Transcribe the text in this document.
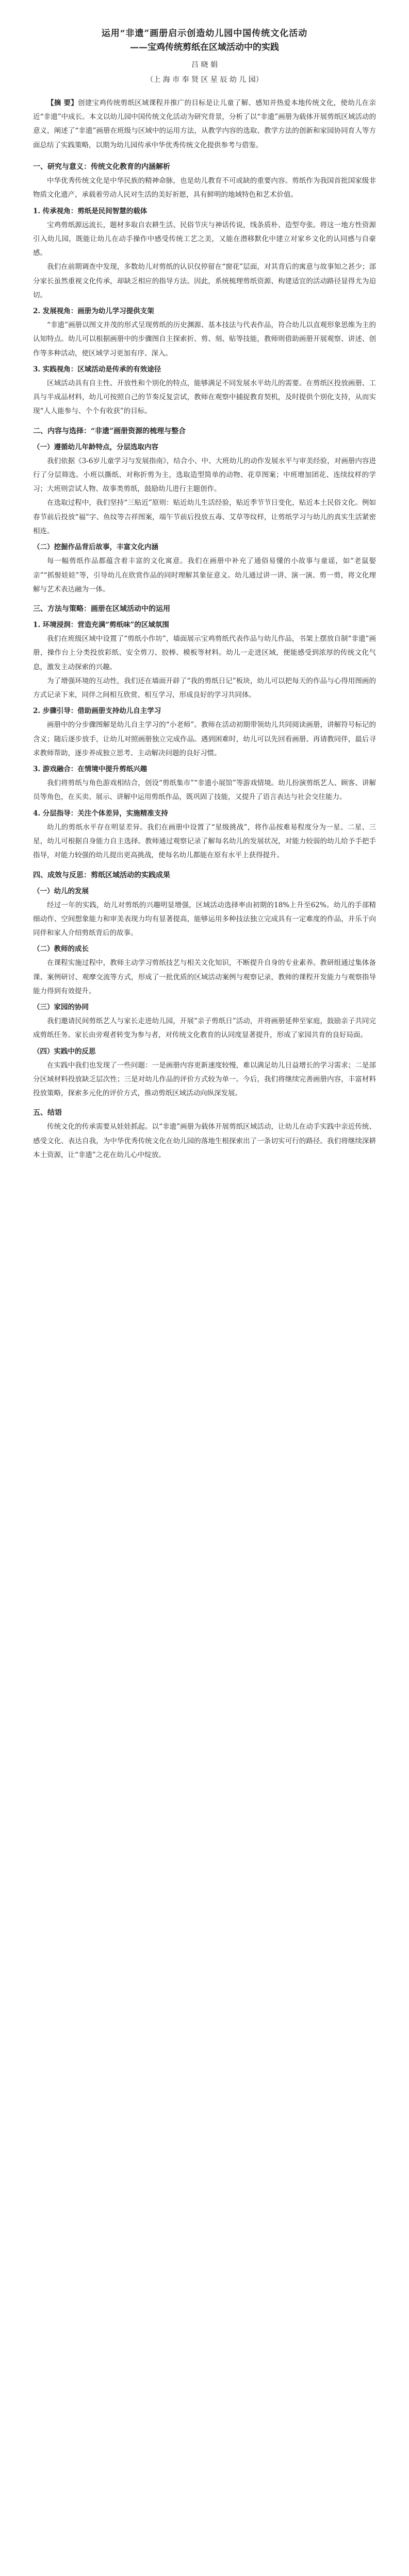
运用“非遗”画册启示创造幼儿园中国传统文化活动
——宝鸡传统剪纸在区域活动中的实践
吕 晓 娟
（上 海 市 奉 贤 区 星 辰 幼 儿 园）
【摘 要】创建宝鸡传统剪纸区域课程并推广的目标是让儿童了解、感知并热爱本地传统文化，使幼儿在亲近“非遗”中成长。本文以幼儿园中国传统文化活动为研究背景，分析了以“非遗”画册为载体开展剪纸区域活动的意义，阐述了“非遗”画册在班级与区域中的运用方法，从教学内容的选取、教学方法的创新和家园协同育人等方面总结了实践策略，以期为幼儿园传承中华优秀传统文化提供参考与借鉴。
一、研究与意义：传统文化教育的内涵解析

中华优秀传统文化是中华民族的精神命脉，也是幼儿教育不可或缺的重要内容。剪纸作为我国首批国家级非物质文化遗产，承载着劳动人民对生活的美好祈愿，具有鲜明的地域特色和艺术价值。

1. 传承视角：剪纸是民间智慧的载体

宝鸡剪纸源远流长，题材多取自农耕生活、民俗节庆与神话传说，线条质朴、造型夸张。将这一地方性资源引入幼儿园，既能让幼儿在动手操作中感受传统工艺之美，又能在潜移默化中建立对家乡文化的认同感与自豪感。

我们在前期调查中发现，多数幼儿对剪纸的认识仅停留在“窗花”层面，对其背后的寓意与故事知之甚少；部分家长虽然重视文化传承，却缺乏相应的指导方法。因此，系统梳理剪纸资源、构建适宜的活动路径显得尤为迫切。

2. 发展视角：画册为幼儿学习提供支架

“非遗”画册以图文并茂的形式呈现剪纸的历史渊源、基本技法与代表作品，符合幼儿以直观形象思维为主的认知特点。幼儿可以根据画册中的步骤图自主探索折、剪、刻、贴等技能，教师则借助画册开展观察、讲述、创作等多种活动，使区域学习更加有序、深入。

3. 实践视角：区域活动是传承的有效途径

区域活动具有自主性、开放性和个别化的特点，能够满足不同发展水平幼儿的需要。在剪纸区投放画册、工具与半成品材料，幼儿可按照自己的节奏反复尝试，教师在观察中捕捉教育契机，及时提供个别化支持，从而实现“人人能参与、个个有收获”的目标。

二、内容与选择：“非遗”画册资源的梳理与整合
（一）遵循幼儿年龄特点，分层选取内容

我们依据《3-6岁儿童学习与发展指南》，结合小、中、大班幼儿的动作发展水平与审美经验，对画册内容进行了分层筛选。小班以撕纸、对称折剪为主，选取造型简单的动物、花草图案；中班增加团花、连续纹样的学习；大班则尝试人物、故事类剪纸，鼓励幼儿进行主题创作。

在选取过程中，我们坚持“三贴近”原则：贴近幼儿生活经验，贴近季节节日变化，贴近本土民俗文化。例如春节前后投放“福”字、鱼纹等吉祥图案，端午节前后投放五毒、艾草等纹样，让剪纸学习与幼儿的真实生活紧密相连。

（二）挖掘作品背后故事，丰富文化内涵

每一幅剪纸作品都蕴含着丰富的文化寓意。我们在画册中补充了通俗易懂的小故事与童谣，如“老鼠娶亲”“抓髻娃娃”等，引导幼儿在欣赏作品的同时理解其象征意义。幼儿通过讲一讲、演一演、剪一剪，将文化理解与艺术表达融为一体。

三、方法与策略：画册在区域活动中的运用
1. 环境浸润：营造充满“剪纸味”的区域氛围

我们在班级区域中设置了“剪纸小作坊”，墙面展示宝鸡剪纸代表作品与幼儿作品，书架上摆放自制“非遗”画册，操作台上分类投放彩纸、安全剪刀、胶棒、模板等材料。幼儿一走进区域，便能感受到浓厚的传统文化气息，激发主动探索的兴趣。

为了增强环境的互动性，我们还在墙面开辟了“我的剪纸日记”板块，幼儿可以把每天的作品与心得用图画的方式记录下来，同伴之间相互欣赏、相互学习，形成良好的学习共同体。

2. 步骤引导：借助画册支持幼儿自主学习

画册中的分步骤图解是幼儿自主学习的“小老师”。教师在活动初期带领幼儿共同阅读画册，讲解符号标记的含义；随后逐步放手，让幼儿对照画册独立完成作品。遇到困难时，幼儿可以先回看画册、再请教同伴，最后寻求教师帮助，逐步养成独立思考、主动解决问题的良好习惯。

3. 游戏融合：在情境中提升剪纸兴趣

我们将剪纸与角色游戏相结合，创设“剪纸集市”“非遗小展馆”等游戏情境。幼儿扮演剪纸艺人、顾客、讲解员等角色，在买卖、展示、讲解中运用剪纸作品，既巩固了技能，又提升了语言表达与社会交往能力。

4. 分层指导：关注个体差异，实施精准支持

幼儿的剪纸水平存在明显差异。我们在画册中设置了“星级挑战”，将作品按难易程度分为一星、二星、三星，幼儿可根据自身能力自主选择。教师通过观察记录了解每名幼儿的发展状况，对能力较弱的幼儿给予手把手指导，对能力较强的幼儿提出更高挑战，使每名幼儿都能在原有水平上获得提升。

四、成效与反思：剪纸区域活动的实践成果
（一）幼儿的发展

经过一年的实践，幼儿对剪纸的兴趣明显增强，区域活动选择率由初期的18%上升至62%。幼儿的手部精细动作、空间想象能力和审美表现力均有显著提高，能够运用多种技法独立完成具有一定难度的作品，并乐于向同伴和家人介绍剪纸背后的故事。

（二）教师的成长

在课程实施过程中，教师主动学习剪纸技艺与相关文化知识，不断提升自身的专业素养。教研组通过集体备课、案例研讨、观摩交流等方式，形成了一批优质的区域活动案例与观察记录，教师的课程开发能力与观察指导能力得到有效提升。

（三）家园的协同

我们邀请民间剪纸艺人与家长走进幼儿园，开展“亲子剪纸日”活动，并将画册延伸至家庭，鼓励亲子共同完成剪纸任务。家长由旁观者转变为参与者，对传统文化教育的认同度显著提升，形成了家园共育的良好局面。

（四）实践中的反思

在实践中我们也发现了一些问题：一是画册内容更新速度较慢，难以满足幼儿日益增长的学习需求；二是部分区域材料投放缺乏层次性；三是对幼儿作品的评价方式较为单一。今后，我们将继续完善画册内容，丰富材料投放策略，探索多元化的评价方式，推动剪纸区域活动向纵深发展。

五、结语

传统文化的传承需要从娃娃抓起。以“非遗”画册为载体开展剪纸区域活动，让幼儿在动手实践中亲近传统、感受文化、表达自我，为中华优秀传统文化在幼儿园的落地生根探索出了一条切实可行的路径。我们将继续深耕本土资源，让“非遗”之花在幼儿心中绽放。
